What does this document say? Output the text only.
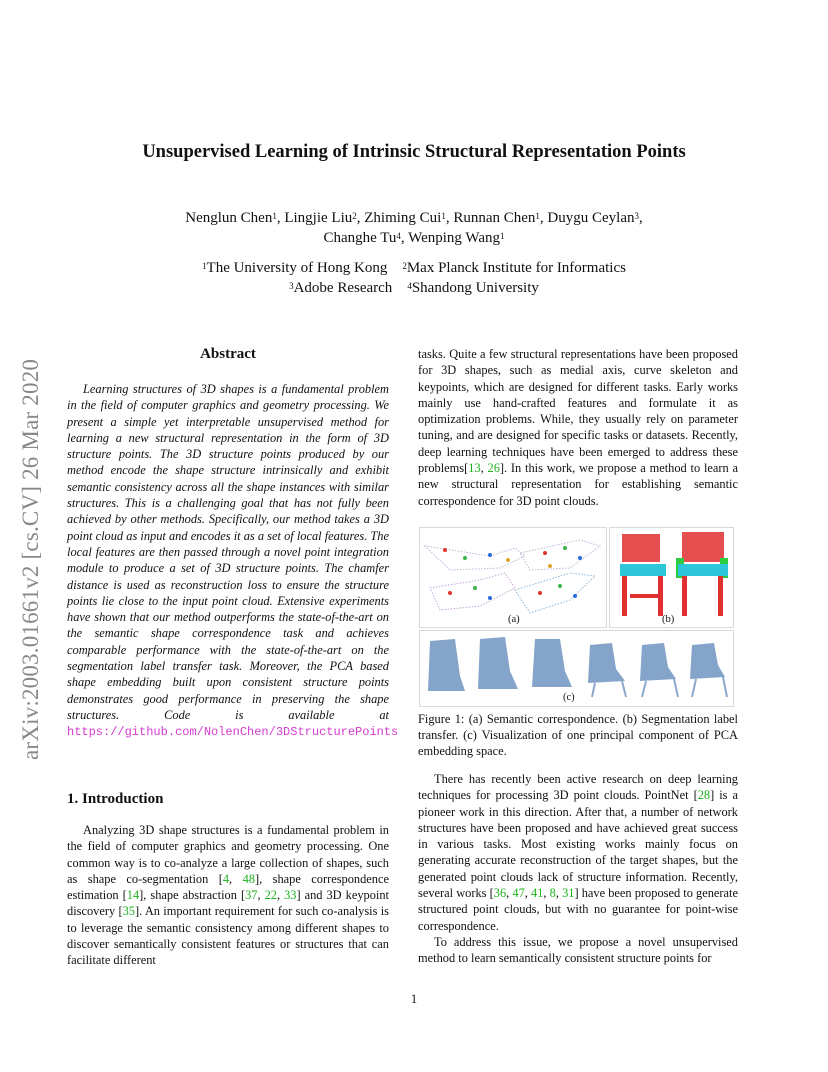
arXiv:2003.01661v2 [cs.CV] 26 Mar 2020
Unsupervised Learning of Intrinsic Structural Representation Points
Nenglun Chen$^1$, Lingjie Liu$^2$, Zhiming Cui$^1$, Runnan Chen$^1$, Duygu Ceylan$^3$,
Changhe Tu$^4$, Wenping Wang$^1$
$^1$The University of Hong Kong $^2$Max Planck Institute for Informatics
$^3$Adobe Research $^4$Shandong University
Abstract

Learning structures of 3D shapes is a fundamental problem in the field of computer graphics and geometry processing. We present a simple yet interpretable unsupervised method for learning a new structural representation in the form of 3D structure points. The 3D structure points produced by our method encode the shape structure intrinsically and exhibit semantic consistency across all the shape instances with similar structures. This is a challenging goal that has not fully been achieved by other methods. Specifically, our method takes a 3D point cloud as input and encodes it as a set of local features. The local features are then passed through a novel point integration module to produce a set of 3D structure points. The chamfer distance is used as reconstruction loss to ensure the structure points lie close to the input point cloud. Extensive experiments have shown that our method outperforms the state-of-the-art on the semantic shape correspondence task and achieves comparable performance with the state-of-the-art on the segmentation label transfer task. Moreover, the PCA based shape embedding built upon consistent structure points demonstrates good performance in preserving the shape structures. Code is available at https://github.com/NolenChen/3DStructurePoints

1. Introduction

Analyzing 3D shape structures is a fundamental problem in the field of computer graphics and geometry processing. One common way is to co-analyze a large collection of shapes, such as shape co-segmentation [4, 48], shape correspondence estimation [14], shape abstraction [37, 22, 33] and 3D keypoint discovery [35]. An important requirement for such co-analysis is to leverage the semantic consistency among different shapes to discover semantically consistent features or structures that can facilitate different

tasks. Quite a few structural representations have been proposed for 3D shapes, such as medial axis, curve skeleton and keypoints, which are designed for different tasks. Early works mainly use hand-crafted features and formulate it as optimization problems. While, they usually rely on parameter tuning, and are designed for specific tasks or datasets. Recently, deep learning techniques have been emerged to address these problems[13, 26]. In this work, we propose a method to learn a new structural representation for establishing semantic correspondence for 3D point clouds.

(a)	(b)
(c)
Figure 1: (a) Semantic correspondence. (b) Segmentation label transfer. (c) Visualization of one principal component of PCA embedding space.

There has recently been active research on deep learning techniques for processing 3D point clouds. PointNet [28] is a pioneer work in this direction. After that, a number of network structures have been proposed and have achieved great success in various tasks. Most existing works mainly focus on generating accurate reconstruction of the target shapes, but the generated point clouds lack of structure information. Recently, several works [36, 47, 41, 8, 31] have been proposed to generate structured point clouds, but with no guarantee for point-wise correspondence.

To address this issue, we propose a novel unsupervised method to learn semantically consistent structure points for

1
